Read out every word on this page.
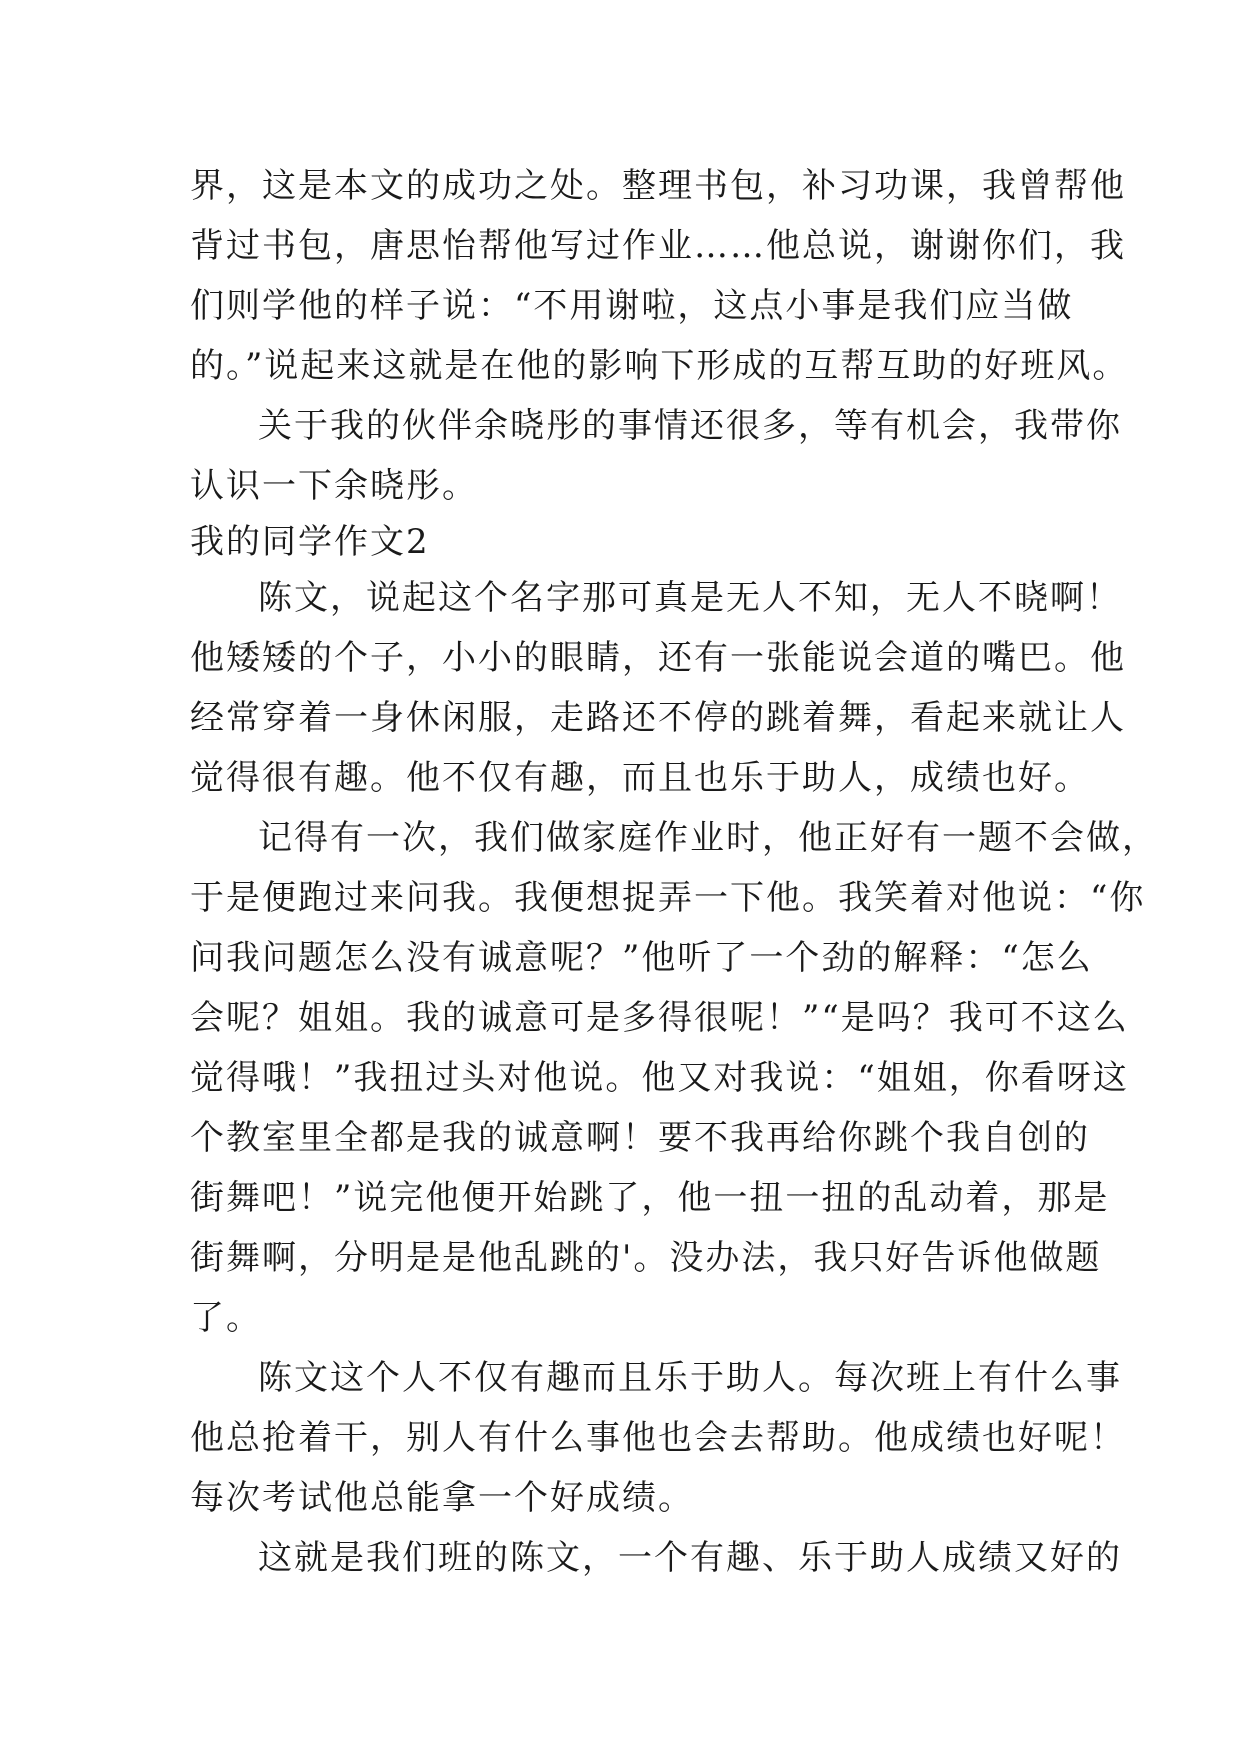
界，这是本文的成功之处。整理书包，补习功课，我曾帮他
背过书包，唐思怡帮他写过作业……他总说，谢谢你们，我
们则学他的样子说：“不用谢啦，这点小事是我们应当做
的。”说起来这就是在他的影响下形成的互帮互助的好班风。
关于我的伙伴余晓彤的事情还很多，等有机会，我带你
认识一下余晓彤。
我的同学作文2
陈文，说起这个名字那可真是无人不知，无人不晓啊！
他矮矮的个子，小小的眼睛，还有一张能说会道的嘴巴。他
经常穿着一身休闲服，走路还不停的跳着舞，看起来就让人
觉得很有趣。他不仅有趣，而且也乐于助人，成绩也好。
记得有一次，我们做家庭作业时，他正好有一题不会做，
于是便跑过来问我。我便想捉弄一下他。我笑着对他说：“你
问我问题怎么没有诚意呢？”他听了一个劲的解释：“怎么
会呢？姐姐。我的诚意可是多得很呢！”“是吗？我可不这么
觉得哦！”我扭过头对他说。他又对我说：“姐姐，你看呀这
个教室里全都是我的诚意啊！要不我再给你跳个我自创的
街舞吧！”说完他便开始跳了，他一扭一扭的乱动着，那是
街舞啊，分明是是他乱跳的'。没办法，我只好告诉他做题
了。
陈文这个人不仅有趣而且乐于助人。每次班上有什么事
他总抢着干，别人有什么事他也会去帮助。他成绩也好呢！
每次考试他总能拿一个好成绩。
这就是我们班的陈文，一个有趣、乐于助人成绩又好的
